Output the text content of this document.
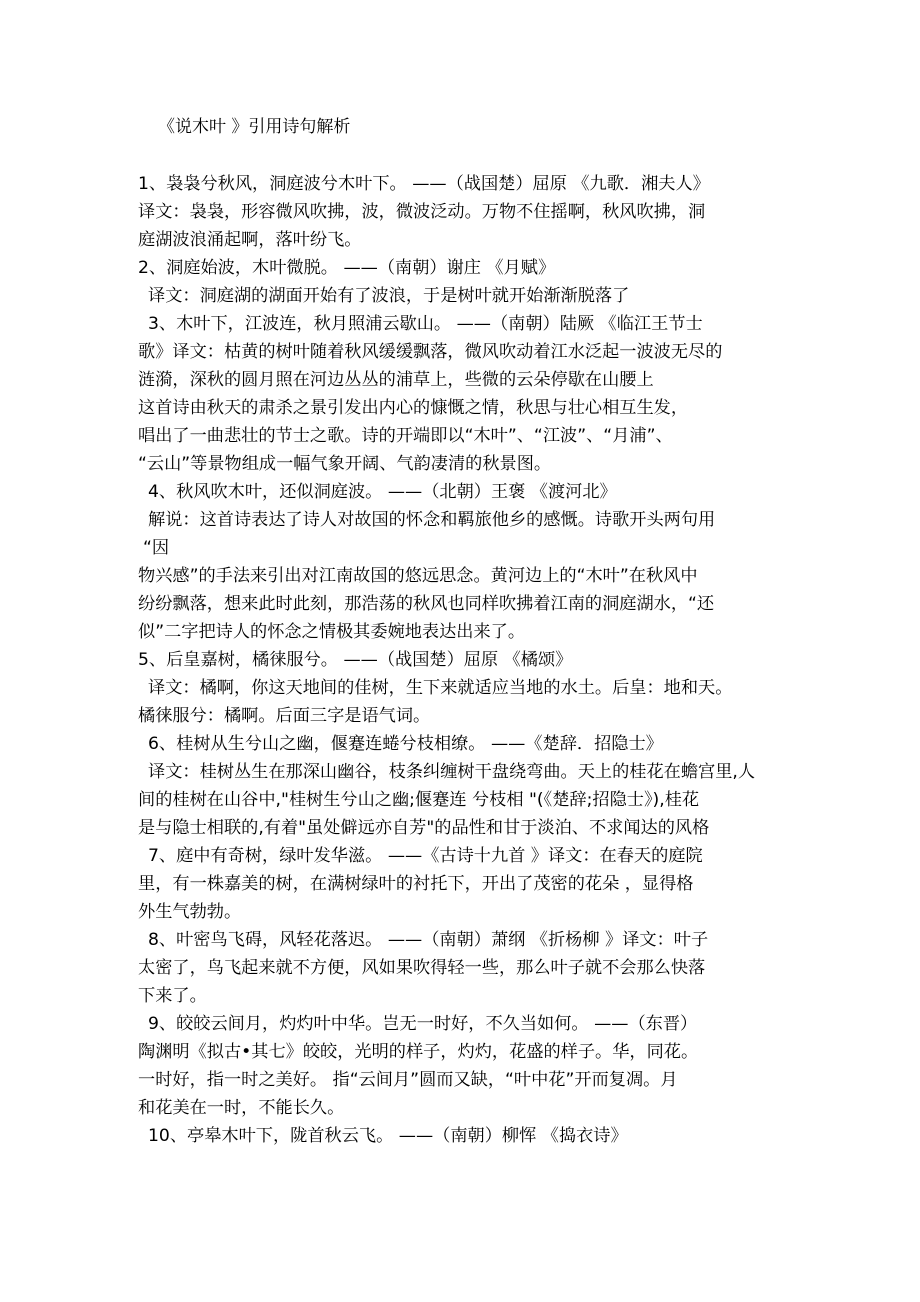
《说木叶 》引用诗句解析
1、袅袅兮秋风，洞庭波兮木叶下。 ——（战国楚）屈原 《九歌．湘夫人》
译文：袅袅，形容微风吹拂，波，微波泛动。万物不住摇啊，秋风吹拂，洞
庭湖波浪涌起啊，落叶纷飞。
2、洞庭始波，木叶微脱。 ——（南朝）谢庄 《月赋》
译文：洞庭湖的湖面开始有了波浪，于是树叶就开始渐渐脱落了
3、木叶下，江波连，秋月照浦云歇山。 ——（南朝）陆厥 《临江王节士
歌》译文：枯黄的树叶随着秋风缓缓飘落，微风吹动着江水泛起一波波无尽的
涟漪，深秋的圆月照在河边丛丛的浦草上，些微的云朵停歇在山腰上
这首诗由秋天的肃杀之景引发出内心的慷慨之情，秋思与壮心相互生发，
唱出了一曲悲壮的节士之歌。诗的开端即以“木叶”、“江波”、“月浦”、
“云山”等景物组成一幅气象开阔、气韵凄清的秋景图。
4、秋风吹木叶，还似洞庭波。 ——（北朝）王褒 《渡河北》
解说：这首诗表达了诗人对故国的怀念和羁旅他乡的感慨。诗歌开头两句用
“因
物兴感”的手法来引出对江南故国的悠远思念。黄河边上的“木叶”在秋风中
纷纷飘落，想来此时此刻，那浩荡的秋风也同样吹拂着江南的洞庭湖水，“还
似”二字把诗人的怀念之情极其委婉地表达出来了。
5、后皇嘉树，橘徕服兮。 ——（战国楚）屈原 《橘颂》
译文：橘啊，你这天地间的佳树，生下来就适应当地的水土。后皇：地和天。
橘徕服兮：橘啊。后面三字是语气词。
6、桂树从生兮山之幽，偃蹇连蜷兮枝相缭。 ——《楚辞．招隐士》
译文：桂树丛生在那深山幽谷，枝条纠缠树干盘绕弯曲。天上的桂花在蟾宫里,人
间的桂树在山谷中,"桂树生兮山之幽;偃蹇连 兮枝相 "(《楚辞;招隐士》),桂花
是与隐士相联的,有着"虽处僻远亦自芳"的品性和甘于淡泊、不求闻达的风格
7、庭中有奇树，绿叶发华滋。 ——《古诗十九首 》译文：在春天的庭院
里，有一株嘉美的树，在满树绿叶的衬托下，开出了茂密的花朵 ，显得格
外生气勃勃。
8、叶密鸟飞碍，风轻花落迟。 ——（南朝）萧纲 《折杨柳 》译文：叶子
太密了，鸟飞起来就不方便，风如果吹得轻一些，那么叶子就不会那么快落
下来了。
9、皎皎云间月，灼灼叶中华。岂无一时好，不久当如何。 ——（东晋）
陶渊明《拟古•其七》皎皎，光明的样子，灼灼，花盛的样子。华，同花。
一时好，指一时之美好。 指“云间月”圆而又缺，“叶中花”开而复凋。月
和花美在一时，不能长久。
10、亭皋木叶下，陇首秋云飞。 ——（南朝）柳恽 《捣衣诗》
